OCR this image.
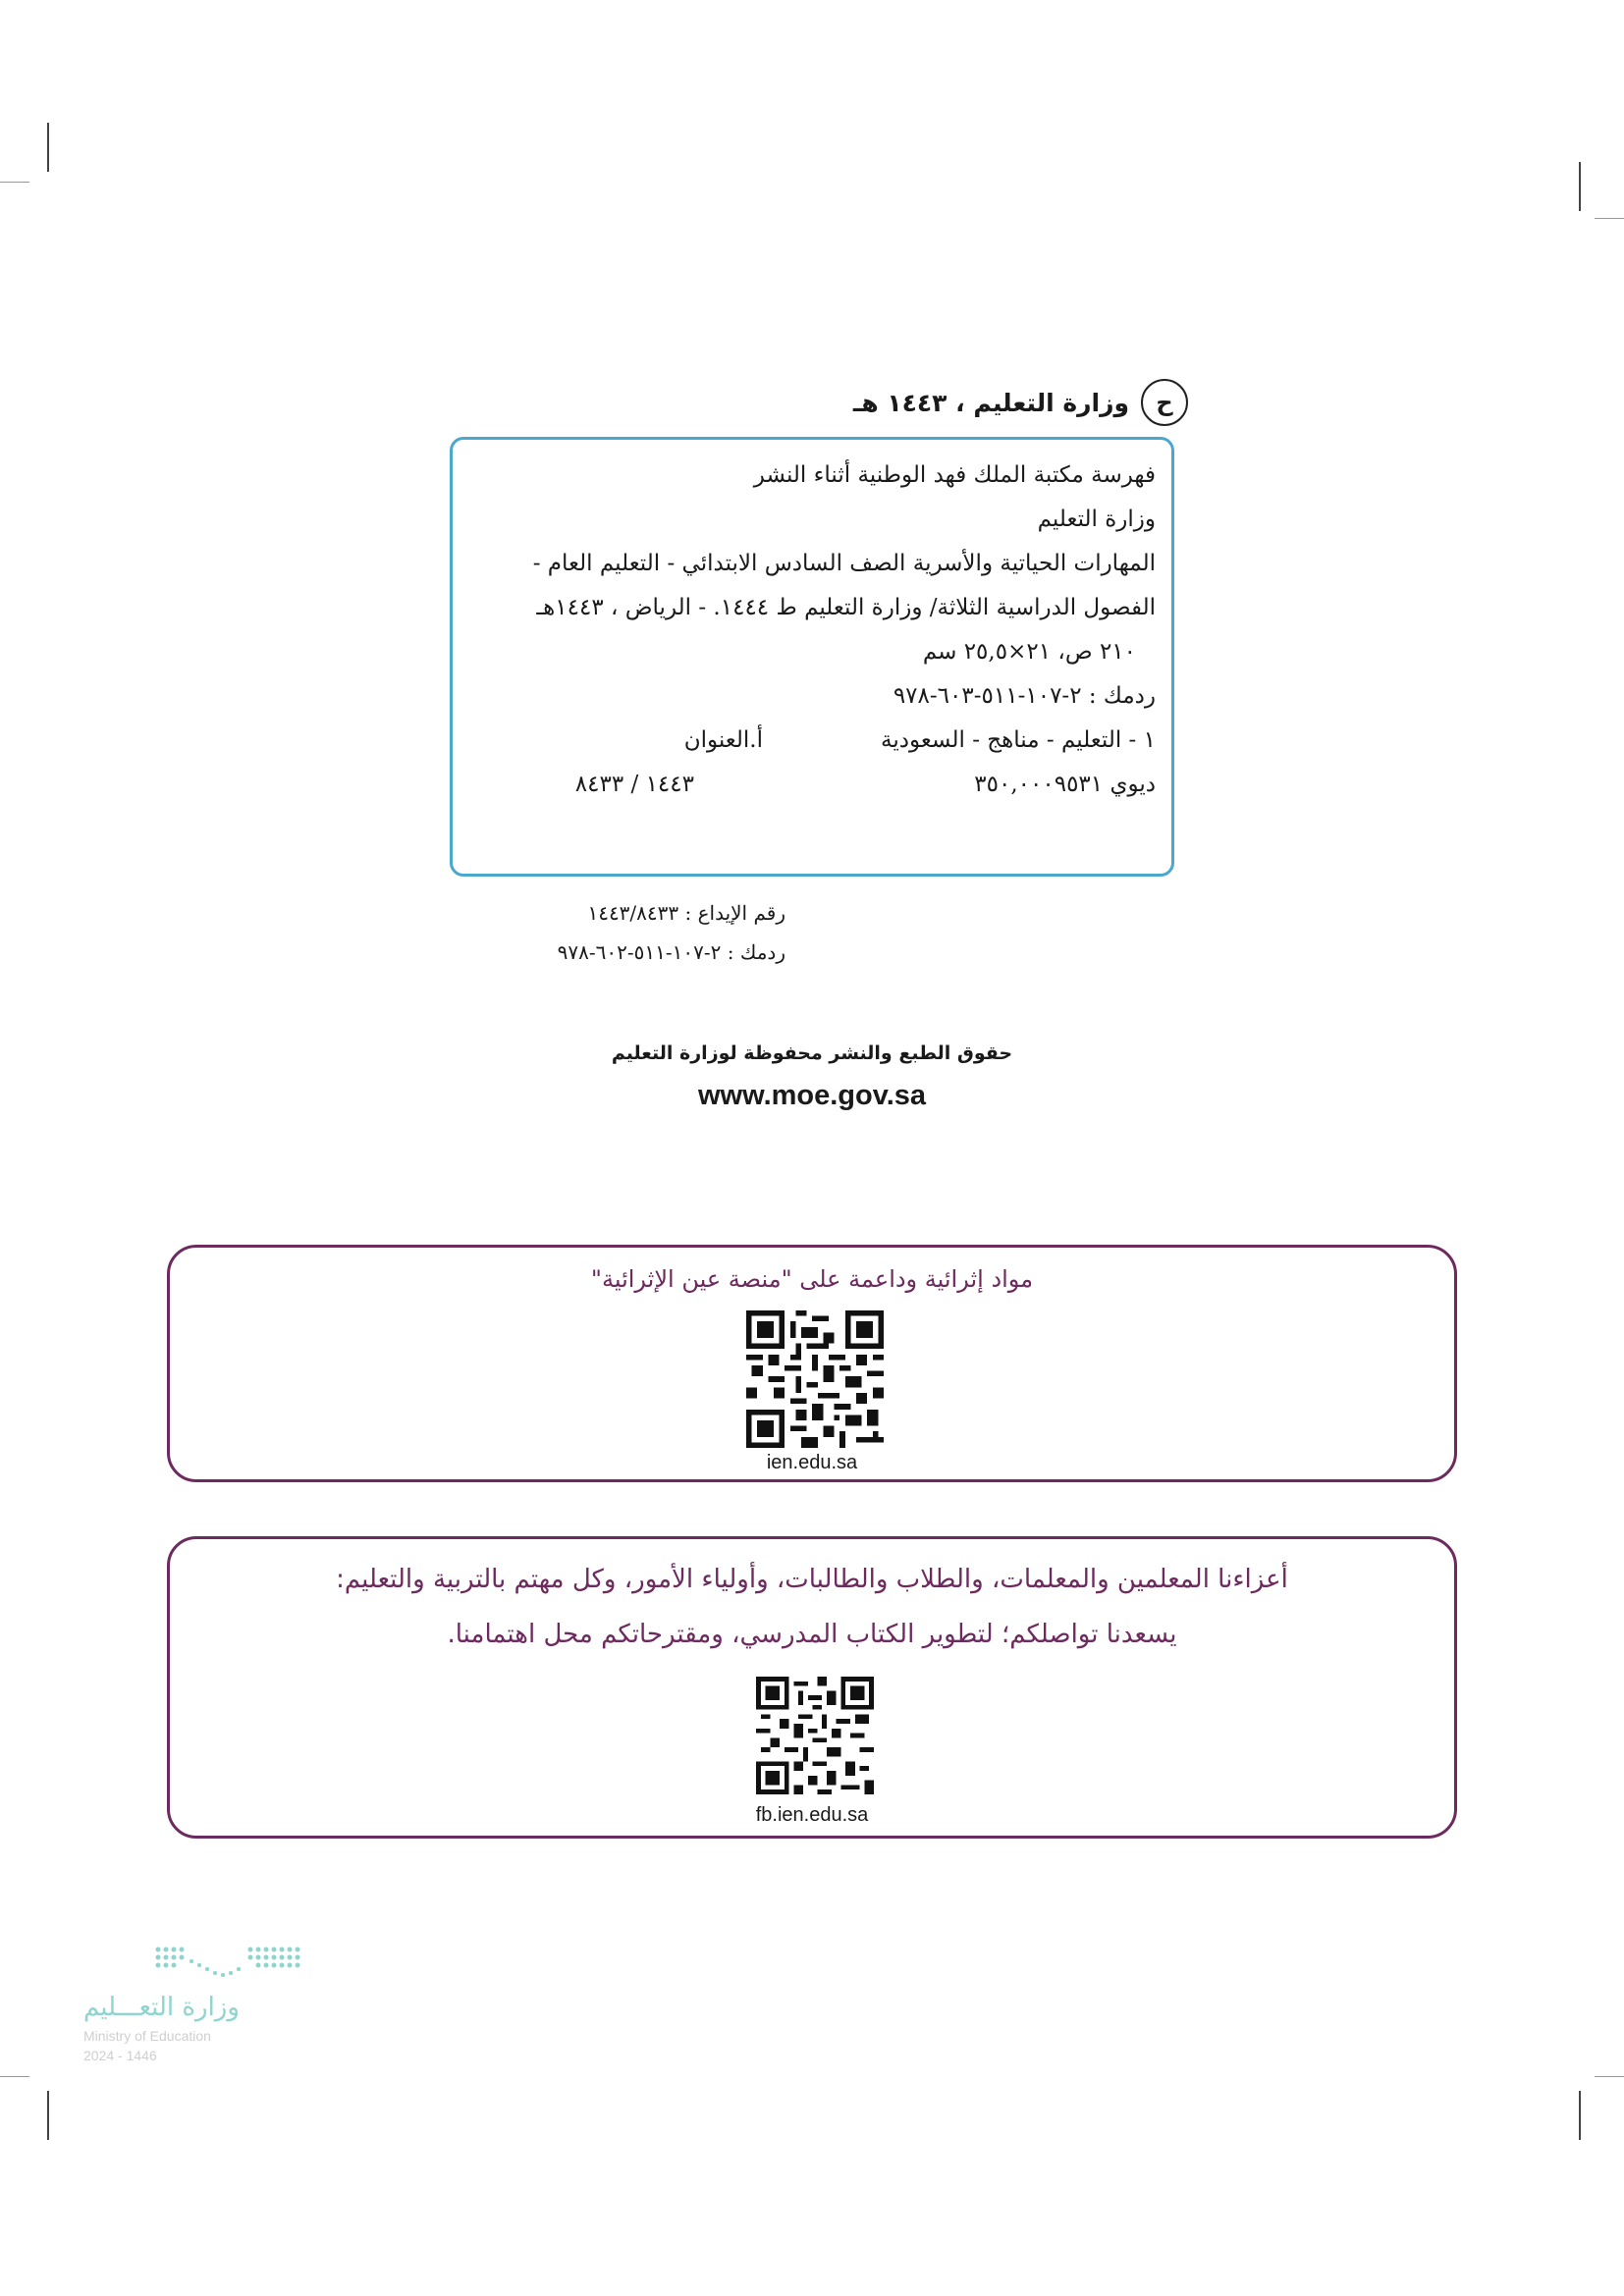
ح
وزارة التعليم ، ١٤٤٣ هـ
فهرسة مكتبة الملك فهد الوطنية أثناء النشر
وزارة التعليم
المهارات الحياتية والأسرية الصف السادس الابتدائي - التعليم العام -
الفصول الدراسية الثلاثة/ وزارة التعليم ط ١٤٤٤. - الرياض ، ١٤٤٣هـ
٢١٠ ص، ٢١×٢٥,٥ سم
ردمك : ٢-١٠٧-٥١١-٦٠٣-٩٧٨
١ - التعليم - مناهج - السعودية
أ.العنوان
ديوي ٣٥٠,٠٠٠٩٥٣١
١٤٤٣ / ٨٤٣٣
رقم الإيداع : ١٤٤٣/٨٤٣٣
ردمك : ٢-١٠٧-٥١١-٦٠٢-٩٧٨
حقوق الطبع والنشر محفوظة لوزارة التعليم
www.moe.gov.sa
مواد إثرائية وداعمة على "منصة عين الإثرائية"
ien.edu.sa
أعزاءنا المعلمين والمعلمات، والطلاب والطالبات، وأولياء الأمور، وكل مهتم بالتربية والتعليم:
يسعدنا تواصلكم؛ لتطوير الكتاب المدرسي، ومقترحاتكم محل اهتمامنا.
fb.ien.edu.sa
وزارة التعـــليم
Ministry of Education
2024 - 1446
